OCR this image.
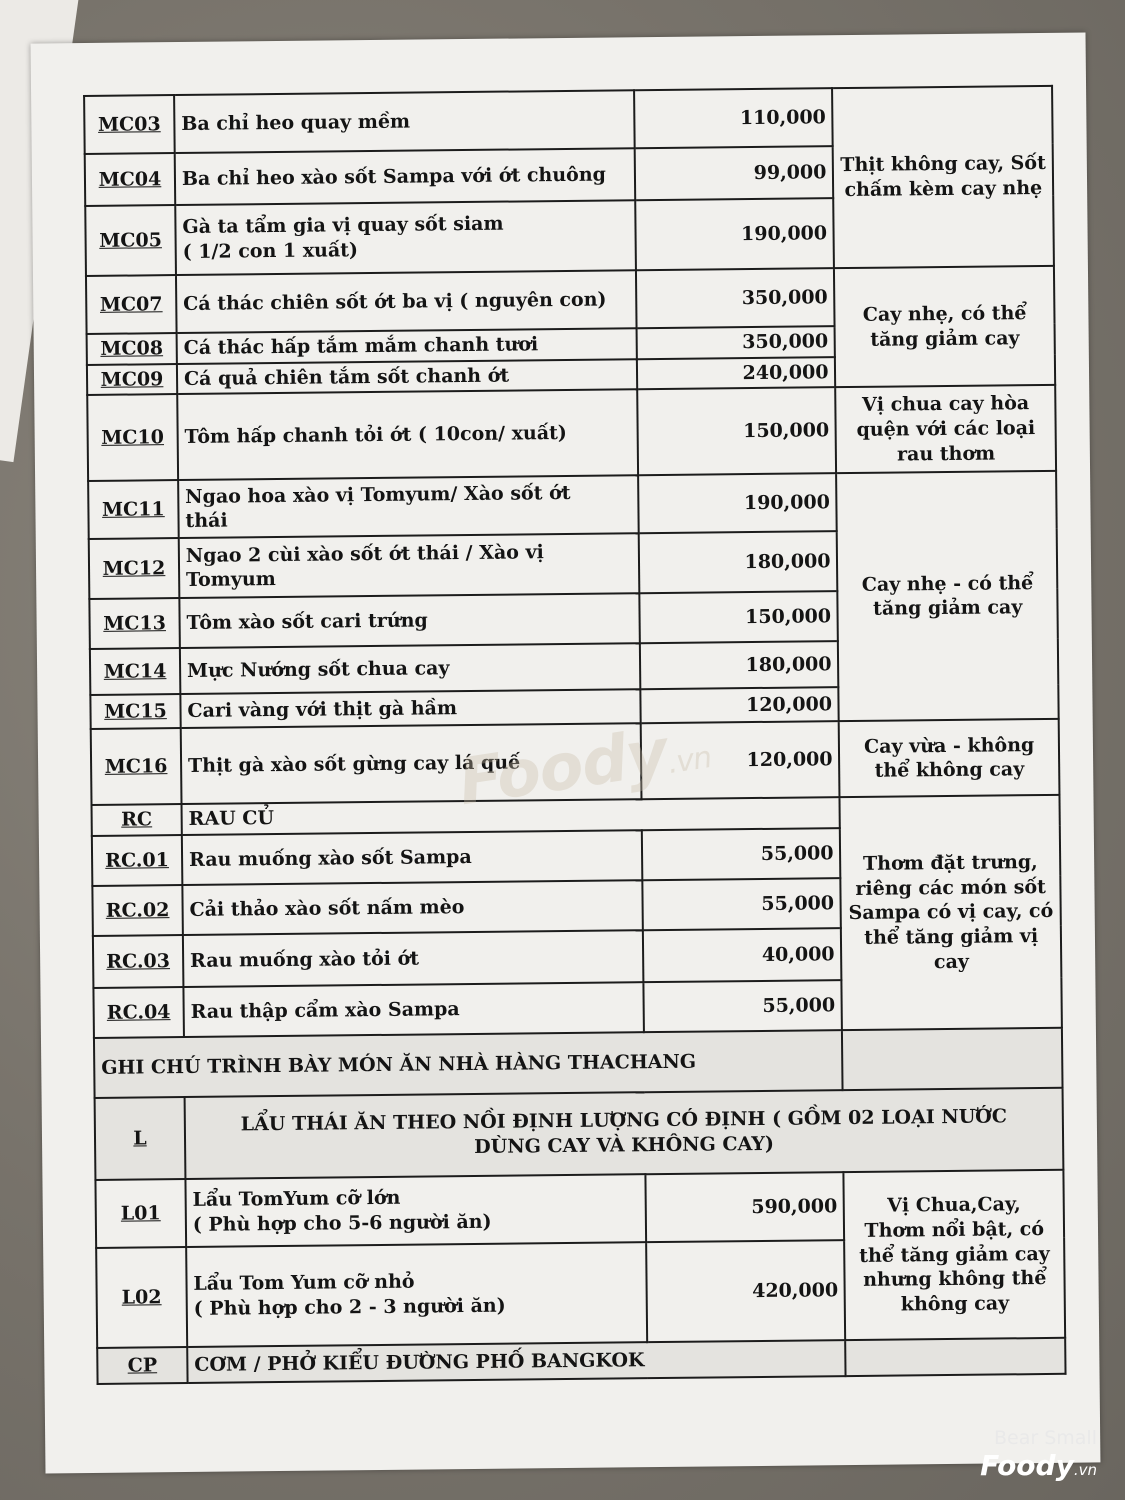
MC03	Ba chỉ heo quay mềm	110,000	Thịt không cay, Sốt
chấm kèm cay nhẹ

MC04	Ba chỉ heo xào sốt Sampa với ớt chuông	99,000	
MC05	Gà ta tẩm gia vị quay sốt siam
( 1/2 con 1 xuất)	190,000	
MC07	Cá thác chiên sốt ớt ba vị ( nguyên con)	350,000	Cay nhẹ, có thể
tăng giảm cay

MC08	Cá thác hấp tắm mắm chanh tươi	350,000	
MC09	Cá quả chiên tắm sốt chanh ớt	240,000	
MC10	Tôm hấp chanh tỏi ớt ( 10con/ xuất)	150,000	Vị chua cay hòa
quện với các loại
rau thơm

MC11	Ngao hoa xào vị Tomyum/ Xào sốt ớt
thái	190,000	Cay nhẹ - có thể
tăng giảm cay

MC12	Ngao 2 cùi xào sốt ớt thái / Xào vị
Tomyum	180,000	
MC13	Tôm xào sốt cari trứng	150,000	
MC14	Mực Nướng sốt chua cay	180,000	
MC15	Cari vàng với thịt gà hầm	120,000	
MC16	Thịt gà xào sốt gừng cay lá quế	120,000	Cay vừa - không
thể không cay

RC	RAU CỦ		Thơm đặt trưng,
riêng các món sốt
Sampa có vị cay, có
thể tăng giảm vị
cay

RC.01	Rau muống xào sốt Sampa	55,000	
RC.02	Cải thảo xào sốt nấm mèo	55,000	
RC.03	Rau muống xào tỏi ớt	40,000	
RC.04	Rau thập cẩm xào Sampa	55,000	
GHI CHÚ TRÌNH BÀY MÓN ĂN NHÀ HÀNG THACHANG			
L	LẨU THÁI ĂN THEO NỒI ĐỊNH LƯỢNG CÓ ĐỊNH ( GỒM 02 LOẠI NƯỚC
DÙNG CAY VÀ KHÔNG CAY)		

L01	Lẩu TomYum cỡ lớn
( Phù hợp cho 5-6 người ăn)	590,000	Vị Chua,Cay,
Thơm nổi bật, có
thể tăng giảm cay
nhưng không thể
không cay

L02	Lẩu Tom Yum cỡ nhỏ
( Phù hợp cho 2 - 3 người ăn)	420,000	
CP	CƠM / PHỞ KIỂU ĐƯỜNG PHỐ BANGKOK		
Foody.vn
Bear Small
Foody.vn
